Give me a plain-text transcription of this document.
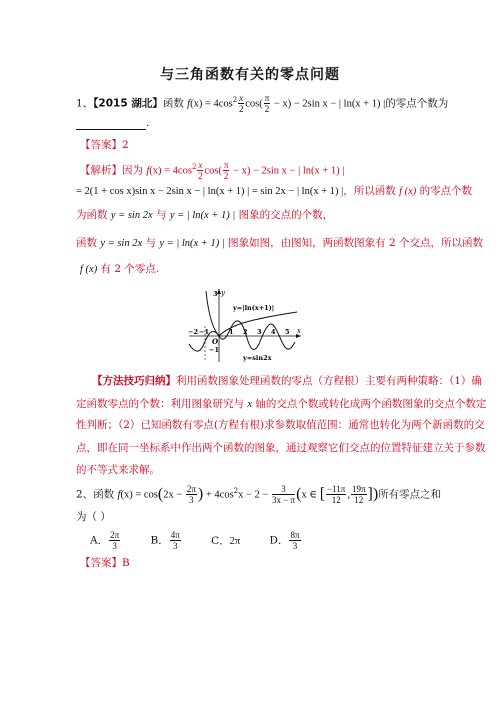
与三角函数有关的零点问题
1、【2015 湖北】函数 $f(x) = 4\cos^2 \frac{x}{2} \cos( \frac{\pi}{2} - x) - 2\sin$ x − | ln(x + 1) |的零点个数为
.
【答案】2
【解析】因为 $f(x) = 4\cos^2 \frac{x}{2} \cos( \frac{\pi}{2} - x) - 2\sin$ x − | ln(x + 1) |
= 2(1 + cos x)sin x − 2sin x − | ln(x + 1) | = sin 2x − | ln(x + 1) |，所以函数 f (x) 的零点个数
为函数 y = sin 2x 与 y = | ln(x + 1) | 图象的交点的个数，
函数 y = sin 2x 与 y = | ln(x + 1) | 图象如图，由图知，两函数图象有 2 个交点，所以函数
f (x) 有 2 个零点.
y
x
O
y=|ln(x+1)|
y=sin2x
3
−1
−2 −1	1 2 3 4 5
【方法技巧归纳】利用函数图象处理函数的零点（方程根）主要有两种策略：（1）确
定函数零点的个数：利用图象研究与 x 轴的交点个数或转化成两个函数图象的交点个数定
性判断；（2）已知函数有零点(方程有根)求参数取值范围：通常也转化为两个新函数的交
点，即在同一坐标系中作出两个函数的图象，通过观察它们交点的位置特征建立关于参数
的不等式来求解。
2、函数 $f(x) = \cos(2x - \frac{2\pi}{3}$ ) + $4\cos^2x - 2 - \frac{3}{3x - \pi} (x$ ∈ [ $\frac{-11\pi}{12}$ , $\frac{19\pi}{12}$ ])所有零点之和
为（ ）
A． $\frac{2\pi}{3}$	B． $\frac{4\pi}{3}$	C．2π	D． $\frac{8\pi}{3}$
【答案】B
